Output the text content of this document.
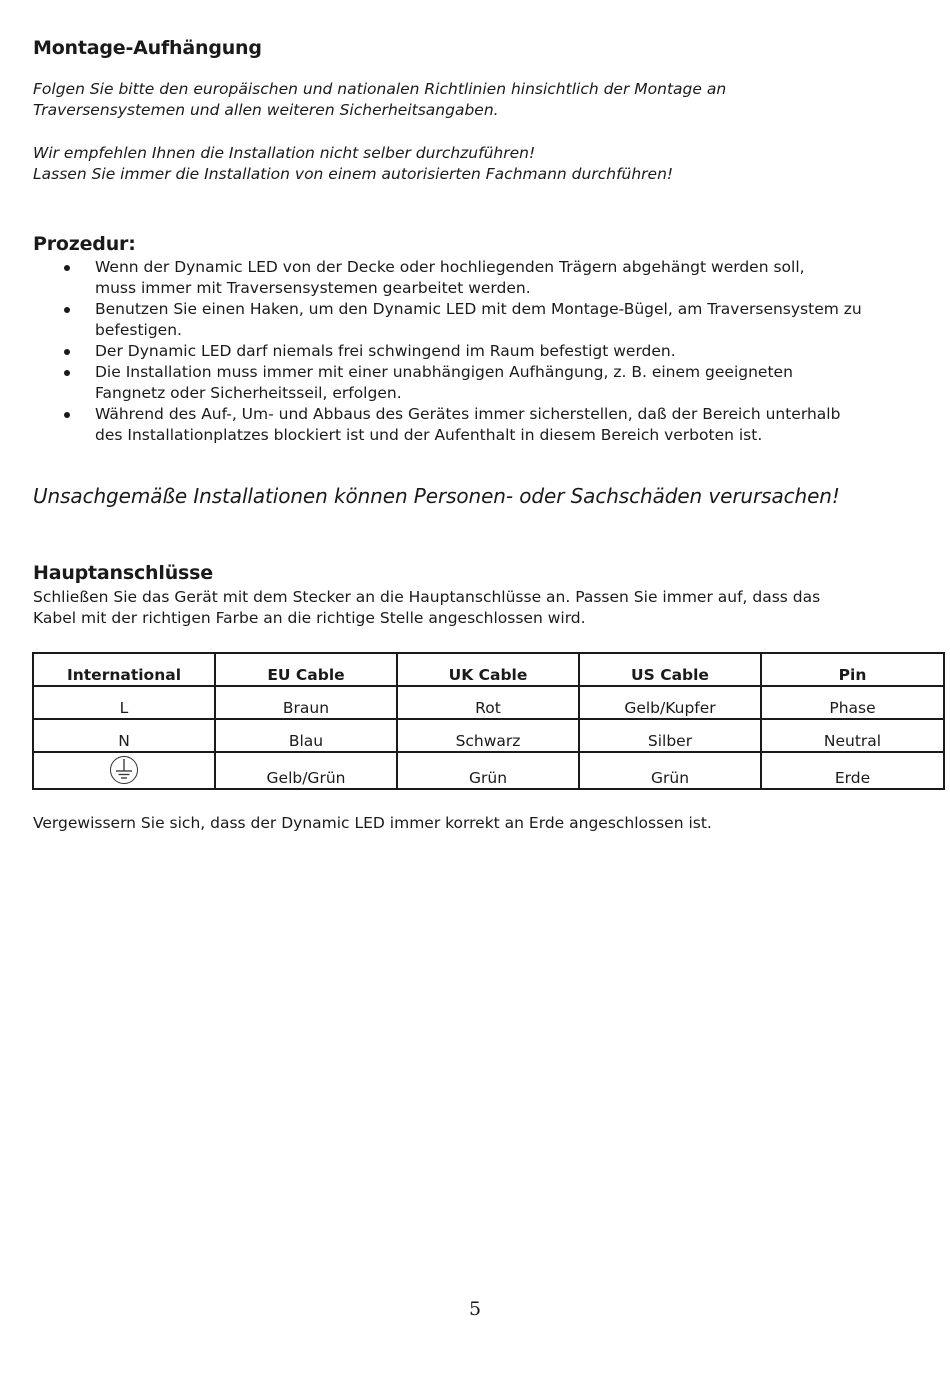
Montage-Aufhängung

Folgen Sie bitte den europäischen und nationalen Richtlinien hinsichtlich der Montage an

Traversensystemen und allen weiteren Sicherheitsangaben.

Wir empfehlen Ihnen die Installation nicht selber durchzuführen!

Lassen Sie immer die Installation von einem autorisierten Fachmann durchführen!

Prozedur:
Wenn der Dynamic LED von der Decke oder hochliegenden Trägern abgehängt werden soll,
muss immer mit Traversensystemen gearbeitet werden.
Benutzen Sie einen Haken, um den Dynamic LED mit dem Montage-Bügel, am Traversensystem zu
befestigen.
Der Dynamic LED darf niemals frei schwingend im Raum befestigt werden.
Die Installation muss immer mit einer unabhängigen Aufhängung, z. B. einem geeigneten
Fangnetz oder Sicherheitsseil, erfolgen.
Während des Auf-, Um- und Abbaus des Gerätes immer sicherstellen, daß der Bereich unterhalb
des Installationplatzes blockiert ist und der Aufenthalt in diesem Bereich verboten ist.

Unsachgemäße Installationen können Personen- oder Sachschäden verursachen!

Hauptanschlüsse

Schließen Sie das Gerät mit dem Stecker an die Hauptanschlüsse an. Passen Sie immer auf, dass das

Kabel mit der richtigen Farbe an die richtige Stelle angeschlossen wird.

International	EU Cable	UK Cable	US Cable	Pin
L	Braun	Rot	Gelb/Kupfer	Phase
N	Blau	Schwarz	Silber	Neutral

	Gelb/Grün	Grün	Grün	Erde

Vergewissern Sie sich, dass der Dynamic LED immer korrekt an Erde angeschlossen ist.

5
